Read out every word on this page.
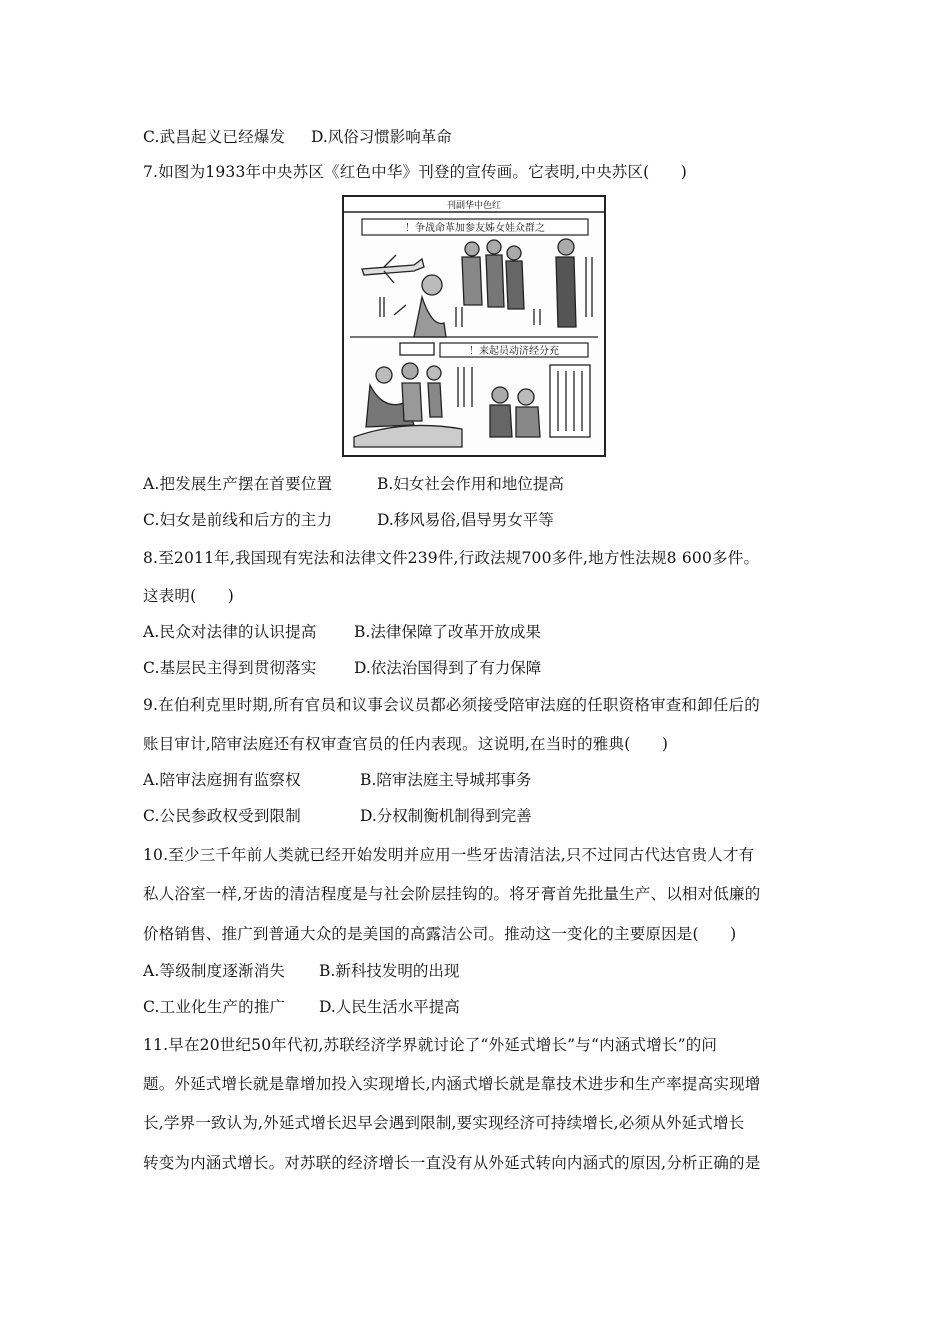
C.武昌起义已经爆发 D.风俗习惯影响革命
7.如图为1933年中央苏区《红色中华》刊登的宣传画。它表明,中央苏区(　　)
刊副华中色红
！争战命革加参友姊女娃众群之
！来起员动济经分充
A.把发展生产摆在首要位置	B.妇女社会作用和地位提高
C.妇女是前线和后方的主力	D.移风易俗,倡导男女平等
8.至2011年,我国现有宪法和法律文件239件,行政法规700多件,地方性法规8 600多件。
这表明(　　)
A.民众对法律的认识提高 B.法律保障了改革开放成果
C.基层民主得到贯彻落实 D.依法治国得到了有力保障
9.在伯利克里时期,所有官员和议事会议员都必须接受陪审法庭的任职资格审查和卸任后的
账目审计,陪审法庭还有权审查官员的任内表现。这说明,在当时的雅典(　　)
A.陪审法庭拥有监察权	B.陪审法庭主导城邦事务
C.公民参政权受到限制	D.分权制衡机制得到完善
10.至少三千年前人类就已经开始发明并应用一些牙齿清洁法,只不过同古代达官贵人才有
私人浴室一样,牙齿的清洁程度是与社会阶层挂钩的。将牙膏首先批量生产、以相对低廉的
价格销售、推广到普通大众的是美国的高露洁公司。推动这一变化的主要原因是(　　)
A.等级制度逐渐消失 B.新科技发明的出现
C.工业化生产的推广 D.人民生活水平提高
11.早在20世纪50年代初,苏联经济学界就讨论了“外延式增长”与“内涵式增长”的问
题。外延式增长就是靠增加投入实现增长,内涵式增长就是靠技术进步和生产率提高实现增
长,学界一致认为,外延式增长迟早会遇到限制,要实现经济可持续增长,必须从外延式增长
转变为内涵式增长。对苏联的经济增长一直没有从外延式转向内涵式的原因,分析正确的是
